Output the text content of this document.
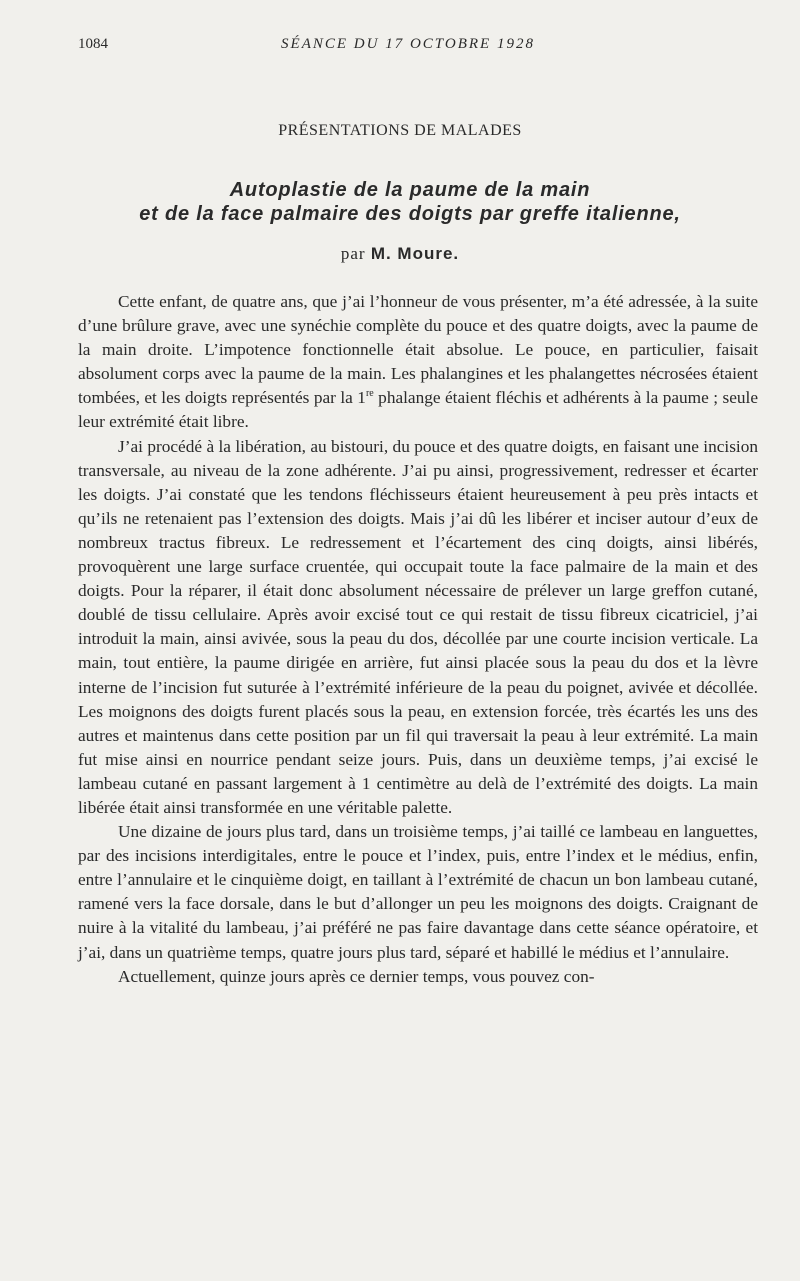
1084	SÉANCE DU 17 OCTOBRE 1928
PRÉSENTATIONS DE MALADES
Autoplastie de la paume de la main
et de la face palmaire des doigts par greffe italienne,
par M. Moure.

Cette enfant, de quatre ans, que j’ai l’honneur de vous présenter, m’a été adressée, à la suite d’une brûlure grave, avec une synéchie complète du pouce et des quatre doigts, avec la paume de la main droite. L’impotence fonctionnelle était absolue. Le pouce, en particulier, faisait absolument corps avec la paume de la main. Les phalangines et les phalangettes nécrosées étaient tombées, et les doigts représentés par la 1re phalange étaient fléchis et adhérents à la paume ; seule leur extrémité était libre.

J’ai procédé à la libération, au bistouri, du pouce et des quatre doigts, en faisant une incision transversale, au niveau de la zone adhérente. J’ai pu ainsi, progressivement, redresser et écarter les doigts. J’ai constaté que les tendons fléchisseurs étaient heureusement à peu près intacts et qu’ils ne retenaient pas l’extension des doigts. Mais j’ai dû les libérer et inciser autour d’eux de nombreux tractus fibreux. Le redressement et l’écartement des cinq doigts, ainsi libérés, provoquèrent une large surface cruentée, qui occupait toute la face palmaire de la main et des doigts. Pour la réparer, il était donc absolument nécessaire de prélever un large greffon cutané, doublé de tissu cellulaire. Après avoir excisé tout ce qui restait de tissu fibreux cicatriciel, j’ai introduit la main, ainsi avivée, sous la peau du dos, décollée par une courte incision verticale. La main, tout entière, la paume dirigée en arrière, fut ainsi placée sous la peau du dos et la lèvre interne de l’incision fut suturée à l’extrémité inférieure de la peau du poignet, avivée et décollée. Les moignons des doigts furent placés sous la peau, en extension forcée, très écartés les uns des autres et maintenus dans cette position par un fil qui traversait la peau à leur extrémité. La main fut mise ainsi en nourrice pendant seize jours. Puis, dans un deuxième temps, j’ai excisé le lambeau cutané en passant largement à 1 centimètre au delà de l’extrémité des doigts. La main libérée était ainsi transformée en une véritable palette.

Une dizaine de jours plus tard, dans un troisième temps, j’ai taillé ce lambeau en languettes, par des incisions interdigitales, entre le pouce et l’index, puis, entre l’index et le médius, enfin, entre l’annulaire et le cinquième doigt, en taillant à l’extrémité de chacun un bon lambeau cutané, ramené vers la face dorsale, dans le but d’allonger un peu les moignons des doigts. Craignant de nuire à la vitalité du lambeau, j’ai préféré ne pas faire davantage dans cette séance opératoire, et j’ai, dans un quatrième temps, quatre jours plus tard, séparé et habillé le médius et l’annulaire.

Actuellement, quinze jours après ce dernier temps, vous pouvez con-
